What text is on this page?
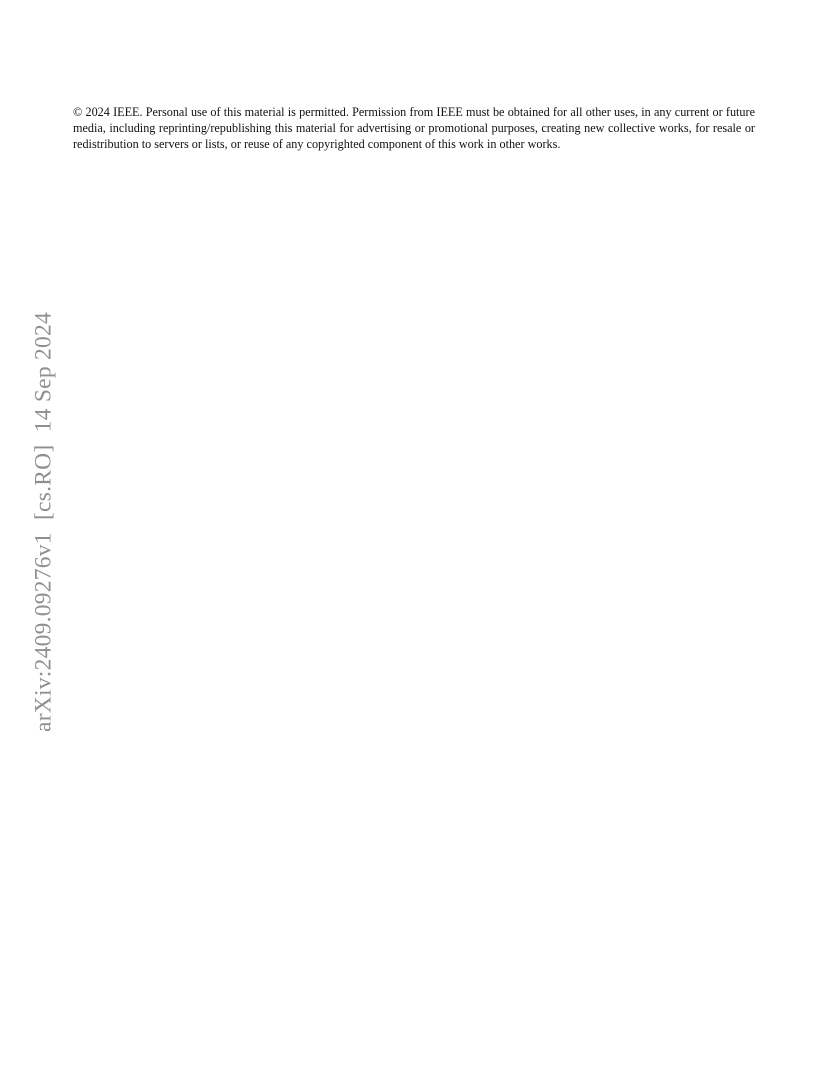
© 2024 IEEE. Personal use of this material is permitted. Permission from IEEE must be obtained for all other uses, in any current or future media, including reprinting/republishing this material for advertising or promotional purposes, creating new collective works, for resale or redistribution to servers or lists, or reuse of any copyrighted component of this work in other works.

arXiv:2409.09276v1  [cs.RO]  14 Sep 2024
